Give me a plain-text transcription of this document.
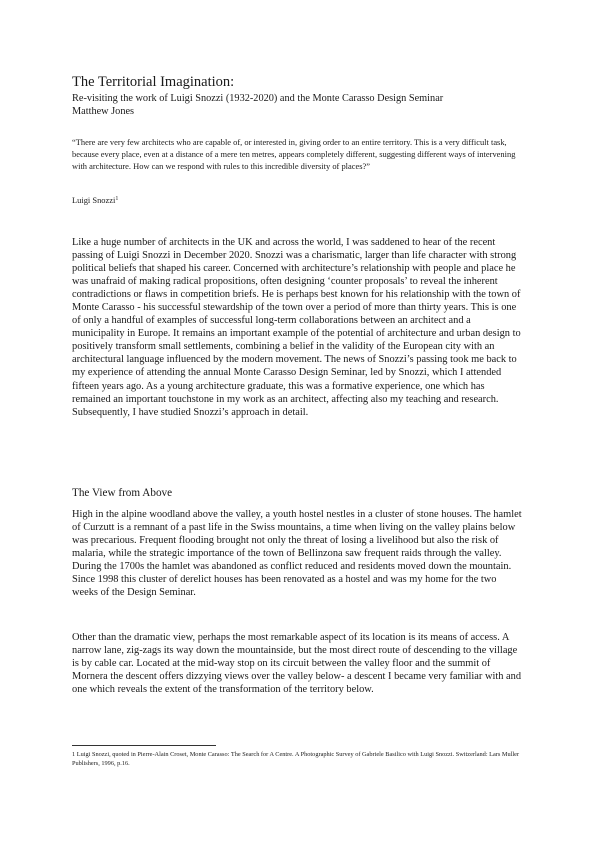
The Territorial Imagination:
Re-visiting the work of Luigi Snozzi (1932-2020) and the Monte Carasso Design Seminar
Matthew Jones

“There are very few architects who are capable of, or interested in, giving order to an entire territory. This is a very difficult task, because every place, even at a distance of a mere ten metres, appears completely different, suggesting different ways of intervening with architecture. How can we respond with rules to this incredible diversity of places?”

Luigi Snozzi$^1$

Like a huge number of architects in the UK and across the world, I was saddened to hear of the recent passing of Luigi Snozzi in December 2020. Snozzi was a charismatic, larger than life character with strong political beliefs that shaped his career. Concerned with architecture’s relationship with people and place he was unafraid of making radical propositions, often designing ‘counter proposals’ to reveal the inherent contradictions or flaws in competition briefs. He is perhaps best known for his relationship with the town of Monte Carasso - his successful stewardship of the town over a period of more than thirty years. This is one of only a handful of examples of successful long-term collaborations between an architect and a municipality in Europe. It remains an important example of the potential of architecture and urban design to positively transform small settlements, combining a belief in the validity of the European city with an architectural language influenced by the modern movement. The news of Snozzi’s passing took me back to my experience of attending the annual Monte Carasso Design Seminar, led by Snozzi, which I attended fifteen years ago. As a young architecture graduate, this was a formative experience, one which has remained an important touchstone in my work as an architect, affecting also my teaching and research. Subsequently, I have studied Snozzi’s approach in detail.

The View from Above

High in the alpine woodland above the valley, a youth hostel nestles in a cluster of stone houses. The hamlet of Curzutt is a remnant of a past life in the Swiss mountains, a time when living on the valley plains below was precarious. Frequent flooding brought not only the threat of losing a livelihood but also the risk of malaria, while the strategic importance of the town of Bellinzona saw frequent raids through the valley. During the 1700s the hamlet was abandoned as conflict reduced and residents moved down the mountain. Since 1998 this cluster of derelict houses has been renovated as a hostel and was my home for the two weeks of the Design Seminar.

Other than the dramatic view, perhaps the most remarkable aspect of its location is its means of access. A narrow lane, zig-zags its way down the mountainside, but the most direct route of descending to the village is by cable car. Located at the mid-way stop on its circuit between the valley floor and the summit of Mornera the descent offers dizzying views over the valley below- a descent I became very familiar with and one which reveals the extent of the transformation of the territory below.

1 Luigi Snozzi, quoted in Pierre-Alain Croset, Monte Carasso: The Search for A Centre. A Photographic Survey of Gabriele Basilico with Luigi Snozzi. Switzerland: Lars Muller Publishers, 1996, p.16.
